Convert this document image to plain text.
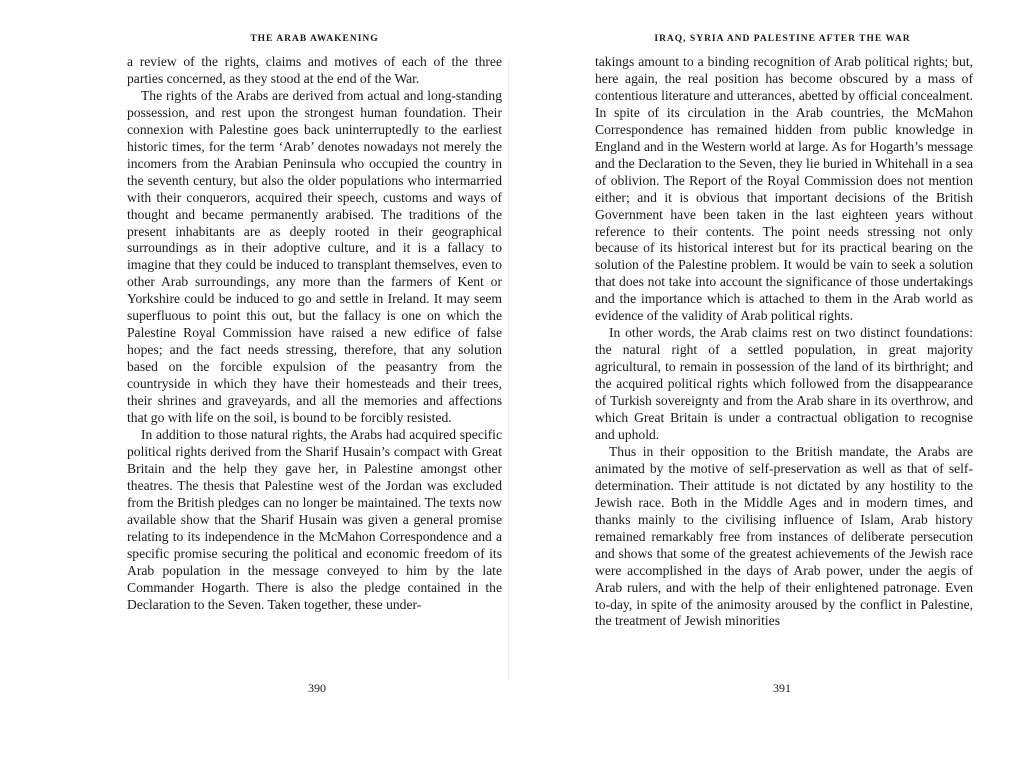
THE ARAB AWAKENING

a review of the rights, claims and motives of each of the three parties concerned, as they stood at the end of the War.

The rights of the Arabs are derived from actual and long-standing possession, and rest upon the strongest human foundation. Their connexion with Palestine goes back uninterruptedly to the earliest historic times, for the term ‘Arab’ denotes nowadays not merely the incomers from the Arabian Peninsula who occupied the country in the seventh century, but also the older populations who intermarried with their conquerors, acquired their speech, customs and ways of thought and became permanently arabised. The traditions of the present inhabitants are as deeply rooted in their geographical surroundings as in their adoptive culture, and it is a fallacy to imagine that they could be induced to transplant themselves, even to other Arab surroundings, any more than the farmers of Kent or Yorkshire could be induced to go and settle in Ireland. It may seem superfluous to point this out, but the fallacy is one on which the Palestine Royal Commission have raised a new edifice of false hopes; and the fact needs stressing, therefore, that any solution based on the forcible expulsion of the peasantry from the countryside in which they have their homesteads and their trees, their shrines and graveyards, and all the memories and affections that go with life on the soil, is bound to be forcibly resisted.

In addition to those natural rights, the Arabs had acquired specific political rights derived from the Sharif Husain’s compact with Great Britain and the help they gave her, in Palestine amongst other theatres. The thesis that Palestine west of the Jordan was excluded from the British pledges can no longer be maintained. The texts now available show that the Sharif Husain was given a general promise relating to its independence in the McMahon Correspondence and a specific promise securing the political and economic freedom of its Arab population in the message conveyed to him by the late Commander Hogarth. There is also the pledge contained in the Declaration to the Seven. Taken together, these under-

390
IRAQ, SYRIA AND PALESTINE AFTER THE WAR

takings amount to a binding recognition of Arab political rights; but, here again, the real position has become obscured by a mass of contentious literature and utterances, abetted by official concealment. In spite of its circulation in the Arab countries, the McMahon Correspondence has remained hidden from public knowledge in England and in the Western world at large. As for Hogarth’s message and the Declaration to the Seven, they lie buried in Whitehall in a sea of oblivion. The Report of the Royal Commission does not mention either; and it is obvious that important decisions of the British Government have been taken in the last eighteen years without reference to their contents. The point needs stressing not only because of its historical interest but for its practical bearing on the solution of the Palestine problem. It would be vain to seek a solution that does not take into account the significance of those undertakings and the importance which is attached to them in the Arab world as evidence of the validity of Arab political rights.

In other words, the Arab claims rest on two distinct foundations: the natural right of a settled population, in great majority agricultural, to remain in possession of the land of its birthright; and the acquired political rights which followed from the disappearance of Turkish sovereignty and from the Arab share in its overthrow, and which Great Britain is under a contractual obligation to recognise and uphold.

Thus in their opposition to the British mandate, the Arabs are animated by the motive of self-preservation as well as that of self-determination. Their attitude is not dictated by any hostility to the Jewish race. Both in the Middle Ages and in modern times, and thanks mainly to the civilising influence of Islam, Arab history remained remarkably free from instances of deliberate persecution and shows that some of the greatest achievements of the Jewish race were accomplished in the days of Arab power, under the aegis of Arab rulers, and with the help of their enlightened patronage. Even to-day, in spite of the animosity aroused by the conflict in Palestine, the treatment of Jewish minorities

391
